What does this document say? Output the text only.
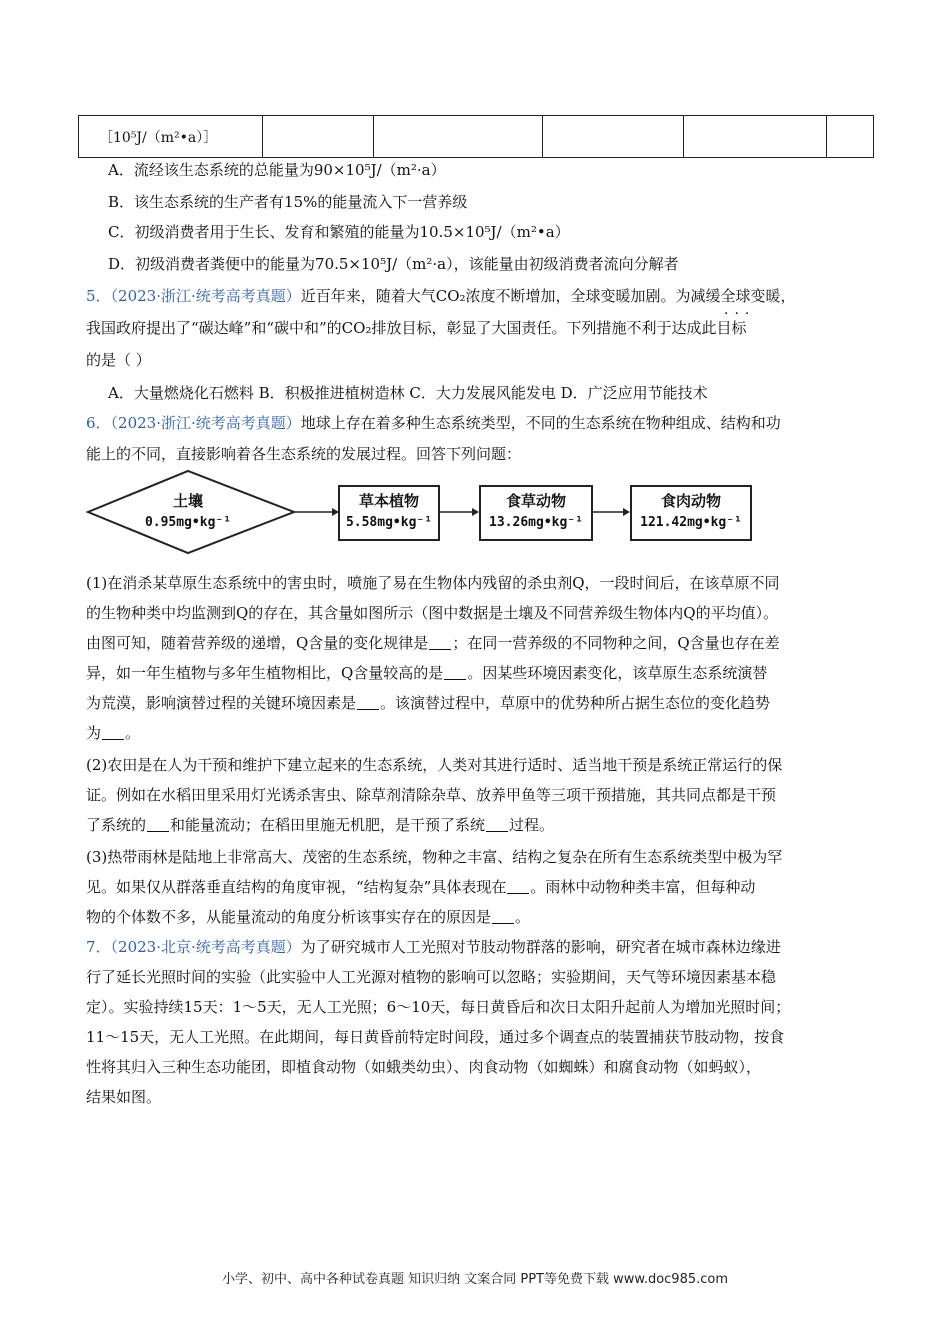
［10⁵J/（m²•a）］					
A．流经该生态系统的总能量为90×10⁵J/（m²·a）
B．该生态系统的生产者有15%的能量流入下一营养级
C．初级消费者用于生长、发育和繁殖的能量为10.5×10⁵J/（m²•a）
D．初级消费者粪便中的能量为70.5×10⁵J/（m²·a），该能量由初级消费者流向分解者
5．（2023·浙江·统考高考真题）近百年来，随着大气CO₂浓度不断增加，全球变暖加剧。为减缓全球变暖，
···
我国政府提出了“碳达峰”和“碳中和”的CO₂排放目标，彰显了大国责任。下列措施不利于达成此目标
的是（ ）
A．大量燃烧化石燃料 B．积极推进植树造林 C．大力发展风能发电 D．广泛应用节能技术
6．（2023·浙江·统考高考真题）地球上存在着多种生态系统类型，不同的生态系统在物种组成、结构和功
能上的不同，直接影响着各生态系统的发展过程。回答下列问题：
土壤
0.95mg•kg⁻¹
草本植物
5.58mg•kg⁻¹
食草动物
13.26mg•kg⁻¹
食肉动物
121.42mg•kg⁻¹
(1)在消杀某草原生态系统中的害虫时，喷施了易在生物体内残留的杀虫剂Q，一段时间后，在该草原不同
的生物种类中均监测到Q的存在，其含量如图所示（图中数据是土壤及不同营养级生物体内Q的平均值）。
由图可知，随着营养级的递增，Q含量的变化规律是 ；在同一营养级的不同物种之间，Q含量也存在差
异，如一年生植物与多年生植物相比，Q含量较高的是 。因某些环境因素变化，该草原生态系统演替
为荒漠，影响演替过程的关键环境因素是 。该演替过程中，草原中的优势种所占据生态位的变化趋势
为 。
(2)农田是在人为干预和维护下建立起来的生态系统，人类对其进行适时、适当地干预是系统正常运行的保
证。例如在水稻田里采用灯光诱杀害虫、除草剂清除杂草、放养甲鱼等三项干预措施，其共同点都是干预
了系统的 和能量流动；在稻田里施无机肥，是干预了系统 过程。
(3)热带雨林是陆地上非常高大、茂密的生态系统，物种之丰富、结构之复杂在所有生态系统类型中极为罕
见。如果仅从群落垂直结构的角度审视，“结构复杂”具体表现在 。雨林中动物种类丰富，但每种动
物的个体数不多，从能量流动的角度分析该事实存在的原因是 。
7．（2023·北京·统考高考真题）为了研究城市人工光照对节肢动物群落的影响，研究者在城市森林边缘进
行了延长光照时间的实验（此实验中人工光源对植物的影响可以忽略；实验期间，天气等环境因素基本稳
定）。实验持续15天：1～5天，无人工光照；6～10天，每日黄昏后和次日太阳升起前人为增加光照时间；
11～15天，无人工光照。在此期间，每日黄昏前特定时间段，通过多个调查点的装置捕获节肢动物，按食
性将其归入三种生态功能团，即植食动物（如蛾类幼虫）、肉食动物（如蜘蛛）和腐食动物（如蚂蚁），
结果如图。
小学、初中、高中各种试卷真题 知识归纳 文案合同 PPT等免费下载 www.doc985.com
